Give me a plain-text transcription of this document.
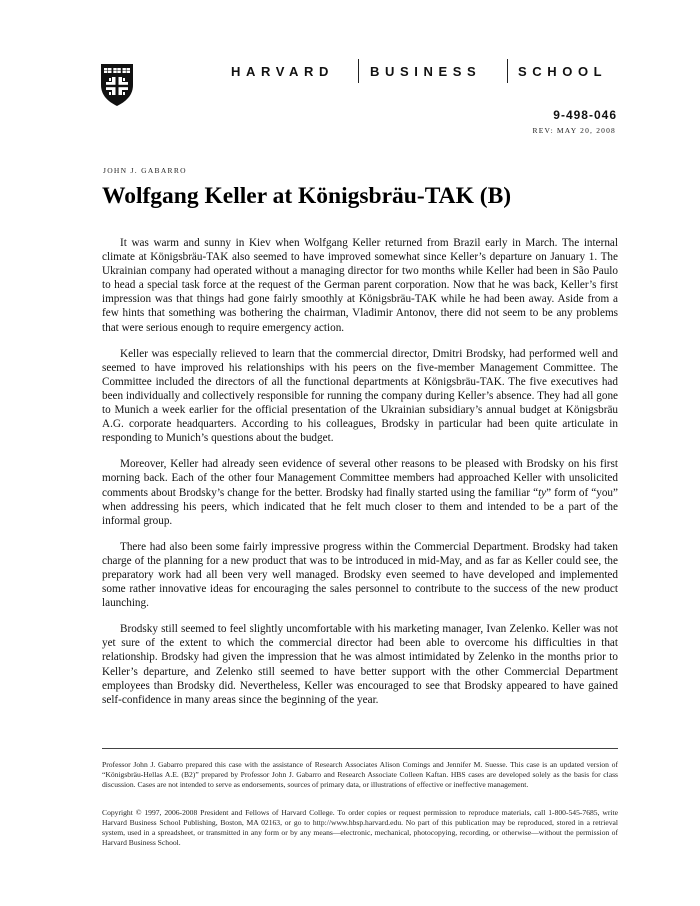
HARVARD	BUSINESS	SCHOOL
9-498-046
REV: MAY 20, 2008
JOHN J. GABARRO
Wolfgang Keller at Königsbräu-TAK (B)

It was warm and sunny in Kiev when Wolfgang Keller returned from Brazil early in March. The internal climate at Königsbräu-TAK also seemed to have improved somewhat since Keller’s departure on January 1. The Ukrainian company had operated without a managing director for two months while Keller had been in São Paulo to head a special task force at the request of the German parent corporation. Now that he was back, Keller’s first impression was that things had gone fairly smoothly at Königsbräu-TAK while he had been away. Aside from a few hints that something was bothering the chairman, Vladimir Antonov, there did not seem to be any problems that were serious enough to require emergency action.

Keller was especially relieved to learn that the commercial director, Dmitri Brodsky, had performed well and seemed to have improved his relationships with his peers on the five-member Management Committee. The Committee included the directors of all the functional departments at Königsbräu-TAK. The five executives had been individually and collectively responsible for running the company during Keller’s absence. They had all gone to Munich a week earlier for the official presentation of the Ukrainian subsidiary’s annual budget at Königsbräu A.G. corporate headquarters. According to his colleagues, Brodsky in particular had been quite articulate in responding to Munich’s questions about the budget.

Moreover, Keller had already seen evidence of several other reasons to be pleased with Brodsky on his first morning back. Each of the other four Management Committee members had approached Keller with unsolicited comments about Brodsky’s change for the better. Brodsky had finally started using the familiar “ty” form of “you” when addressing his peers, which indicated that he felt much closer to them and intended to be a part of the informal group.

There had also been some fairly impressive progress within the Commercial Department. Brodsky had taken charge of the planning for a new product that was to be introduced in mid-May, and as far as Keller could see, the preparatory work had all been very well managed. Brodsky even seemed to have developed and implemented some rather innovative ideas for encouraging the sales personnel to contribute to the success of the new product launching.

Brodsky still seemed to feel slightly uncomfortable with his marketing manager, Ivan Zelenko. Keller was not yet sure of the extent to which the commercial director had been able to overcome his difficulties in that relationship. Brodsky had given the impression that he was almost intimidated by Zelenko in the months prior to Keller’s departure, and Zelenko still seemed to have better support with the other Commercial Department employees than Brodsky did. Nevertheless, Keller was encouraged to see that Brodsky appeared to have gained self-confidence in many areas since the beginning of the year.

Professor John J. Gabarro prepared this case with the assistance of Research Associates Alison Comings and Jennifer M. Suesse. This case is an updated version of “Königsbräu-Hellas A.E. (B2)” prepared by Professor John J. Gabarro and Research Associate Colleen Kaftan. HBS cases are developed solely as the basis for class discussion. Cases are not intended to serve as endorsements, sources of primary data, or illustrations of effective or ineffective management.

Copyright © 1997, 2006-2008 President and Fellows of Harvard College. To order copies or request permission to reproduce materials, call 1-800-545-7685, write Harvard Business School Publishing, Boston, MA 02163, or go to http://www.hbsp.harvard.edu. No part of this publication may be reproduced, stored in a retrieval system, used in a spreadsheet, or transmitted in any form or by any means—electronic, mechanical, photocopying, recording, or otherwise—without the permission of Harvard Business School.
